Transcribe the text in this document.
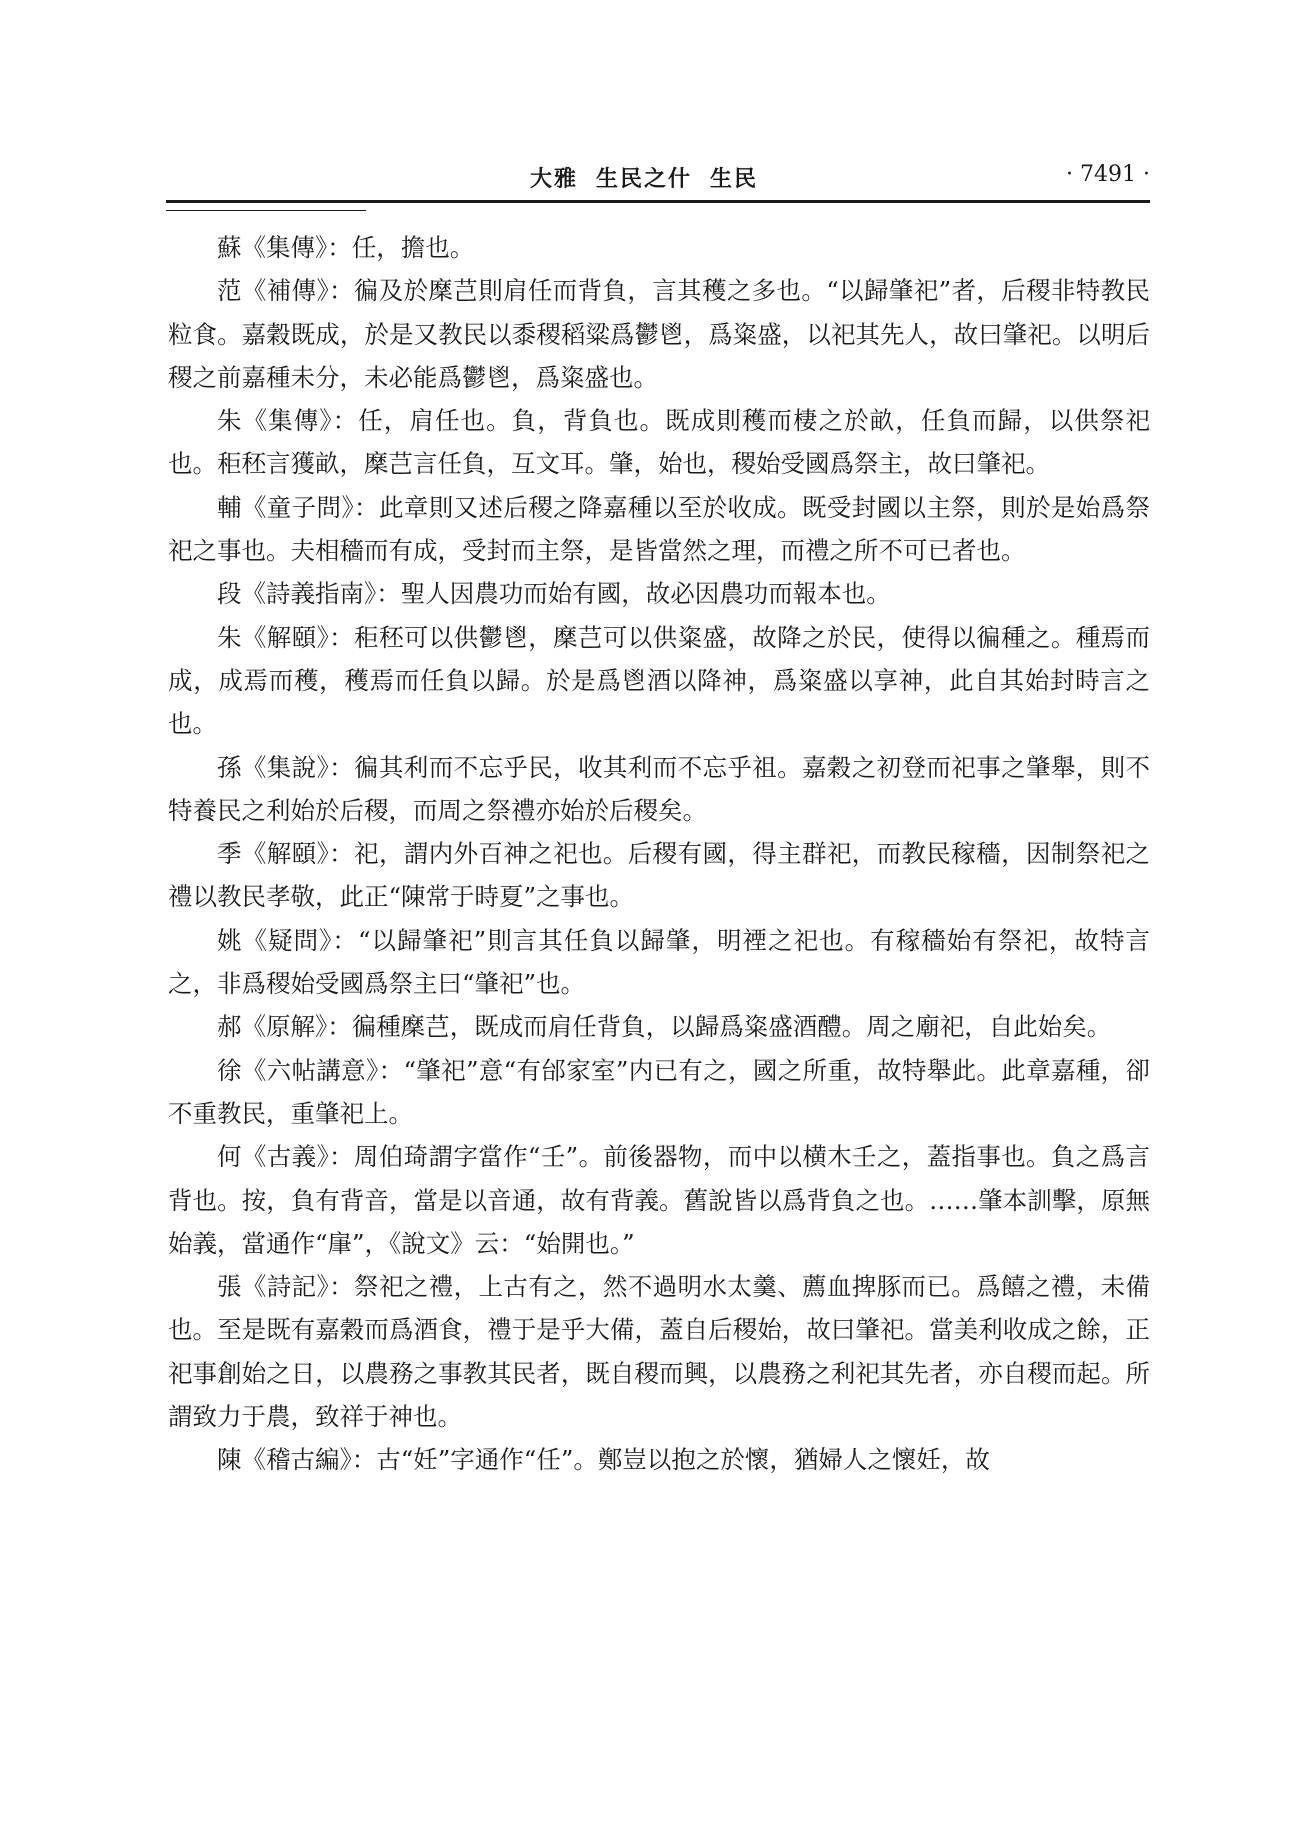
大雅 生民之什 生民	· 7491 ·

蘇《集傳》：任，擔也。

范《補傳》：徧及於穈芑則肩任而背負，言其穫之多也。“以歸肇祀”者，后稷非特教民粒食。嘉穀既成，於是又教民以黍稷稻粱爲鬱鬯，爲粢盛，以祀其先人，故曰肇祀。以明后稷之前嘉種未分，未必能爲鬱鬯，爲粢盛也。

朱《集傳》：任，肩任也。負，背負也。既成則穫而棲之於畝，任負而歸，以供祭祀也。秬秠言獲畝，穈芑言任負，互文耳。肇，始也，稷始受國爲祭主，故曰肇祀。

輔《童子問》：此章則又述后稷之降嘉種以至於收成。既受封國以主祭，則於是始爲祭祀之事也。夫相穡而有成，受封而主祭，是皆當然之理，而禮之所不可已者也。

段《詩義指南》：聖人因農功而始有國，故必因農功而報本也。

朱《解頤》：秬秠可以供鬱鬯，穈芑可以供粢盛，故降之於民，使得以徧種之。種焉而成，成焉而穫，穫焉而任負以歸。於是爲鬯酒以降神，爲粢盛以享神，此自其始封時言之也。

孫《集說》：徧其利而不忘乎民，收其利而不忘乎祖。嘉穀之初登而祀事之肇舉，則不特養民之利始於后稷，而周之祭禮亦始於后稷矣。

季《解頤》：祀，謂内外百神之祀也。后稷有國，得主群祀，而教民稼穡，因制祭祀之禮以教民孝敬，此正“陳常于時夏”之事也。

姚《疑問》：“以歸肇祀”則言其任負以歸肇，明禋之祀也。有稼穡始有祭祀，故特言之，非爲稷始受國爲祭主曰“肇祀”也。

郝《原解》：徧種穈芑，既成而肩任背負，以歸爲粢盛酒醴。周之廟祀，自此始矣。

徐《六帖講意》：“肇祀”意“有邰家室”内已有之，國之所重，故特舉此。此章嘉種，卻不重教民，重肇祀上。

何《古義》：周伯琦謂字當作“壬”。前後器物，而中以横木壬之，蓋指事也。負之爲言背也。按，負有背音，當是以音通，故有背義。舊說皆以爲背負之也。……肇本訓擊，原無始義，當通作“肁”，《說文》云：“始開也。”

張《詩記》：祭祀之禮，上古有之，然不過明水太羹、薦血捭豚而已。爲饎之禮，未備也。至是既有嘉穀而爲酒食，禮于是乎大備，蓋自后稷始，故曰肇祀。當美利收成之餘，正祀事創始之日，以農務之事教其民者，既自稷而興，以農務之利祀其先者，亦自稷而起。所謂致力于農，致祥于神也。

陳《稽古編》：古“妊”字通作“任”。鄭豈以抱之於懷，猶婦人之懷妊，故
